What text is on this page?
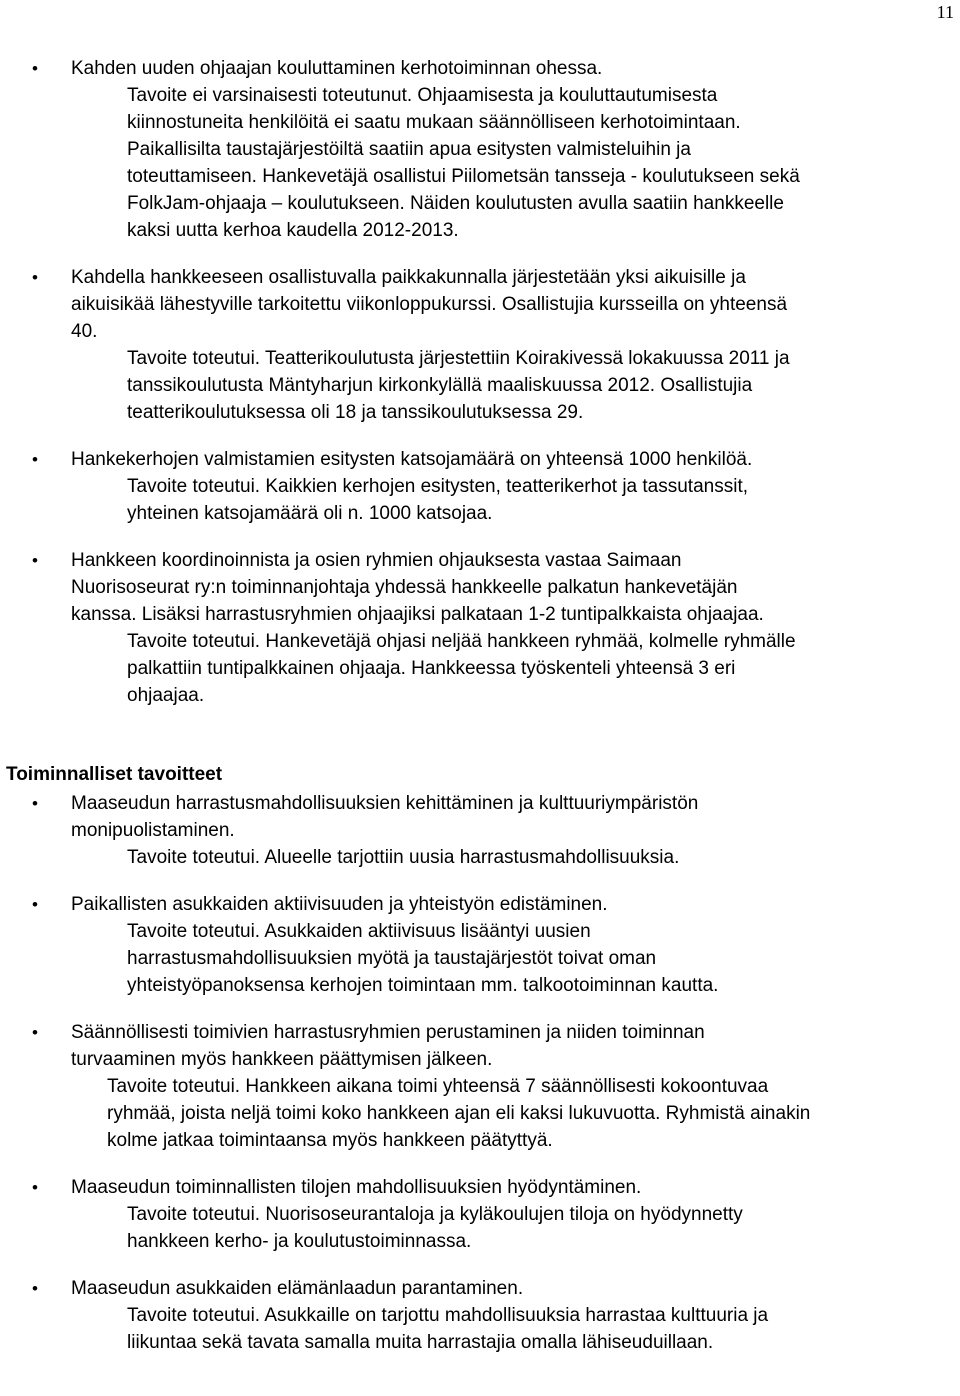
11
•	Kahden uuden ohjaajan kouluttaminen kerhotoiminnan ohessa.
Tavoite ei varsinaisesti toteutunut. Ohjaamisesta ja kouluttautumisesta
kiinnostuneita henkilöitä ei saatu mukaan säännölliseen kerhotoimintaan.
Paikallisilta taustajärjestöiltä saatiin apua esitysten valmisteluihin ja
toteuttamiseen. Hankevetäjä osallistui Piilometsän tansseja - koulutukseen sekä
FolkJam-ohjaaja – koulutukseen. Näiden koulutusten avulla saatiin hankkeelle
kaksi uutta kerhoa kaudella 2012-2013.
•	Kahdella hankkeeseen osallistuvalla paikkakunnalla järjestetään yksi aikuisille ja
aikuisikää lähestyville tarkoitettu viikonloppukurssi. Osallistujia kursseilla on yhteensä
40.
Tavoite toteutui. Teatterikoulutusta järjestettiin Koirakivessä lokakuussa 2011 ja
tanssikoulutusta Mäntyharjun kirkonkylällä maaliskuussa 2012. Osallistujia
teatterikoulutuksessa oli 18 ja tanssikoulutuksessa 29.
•	Hankekerhojen valmistamien esitysten katsojamäärä on yhteensä 1000 henkilöä.
Tavoite toteutui. Kaikkien kerhojen esitysten, teatterikerhot ja tassutanssit,
yhteinen katsojamäärä oli n. 1000 katsojaa.
•	Hankkeen koordinoinnista ja osien ryhmien ohjauksesta vastaa Saimaan
Nuorisoseurat ry:n toiminnanjohtaja yhdessä hankkeelle palkatun hankevetäjän
kanssa. Lisäksi harrastusryhmien ohjaajiksi palkataan 1-2 tuntipalkkaista ohjaajaa.
Tavoite toteutui. Hankevetäjä ohjasi neljää hankkeen ryhmää, kolmelle ryhmälle
palkattiin tuntipalkkainen ohjaaja. Hankkeessa työskenteli yhteensä 3 eri
ohjaajaa.
Toiminnalliset tavoitteet
•	Maaseudun harrastusmahdollisuuksien kehittäminen ja kulttuuriympäristön
monipuolistaminen.
Tavoite toteutui. Alueelle tarjottiin uusia harrastusmahdollisuuksia.
•	Paikallisten asukkaiden aktiivisuuden ja yhteistyön edistäminen.
Tavoite toteutui. Asukkaiden aktiivisuus lisääntyi uusien
harrastusmahdollisuuksien myötä ja taustajärjestöt toivat oman
yhteistyöpanoksensa kerhojen toimintaan mm. talkootoiminnan kautta.
•	Säännöllisesti toimivien harrastusryhmien perustaminen ja niiden toiminnan
turvaaminen myös hankkeen päättymisen jälkeen.
Tavoite toteutui. Hankkeen aikana toimi yhteensä 7 säännöllisesti kokoontuvaa
ryhmää, joista neljä toimi koko hankkeen ajan eli kaksi lukuvuotta. Ryhmistä ainakin
kolme jatkaa toimintaansa myös hankkeen päätyttyä.
•	Maaseudun toiminnallisten tilojen mahdollisuuksien hyödyntäminen.
Tavoite toteutui. Nuorisoseurantaloja ja kyläkoulujen tiloja on hyödynnetty
hankkeen kerho- ja koulutustoiminnassa.
•	Maaseudun asukkaiden elämänlaadun parantaminen.
Tavoite toteutui. Asukkaille on tarjottu mahdollisuuksia harrastaa kulttuuria ja
liikuntaa sekä tavata samalla muita harrastajia omalla lähiseuduillaan.
